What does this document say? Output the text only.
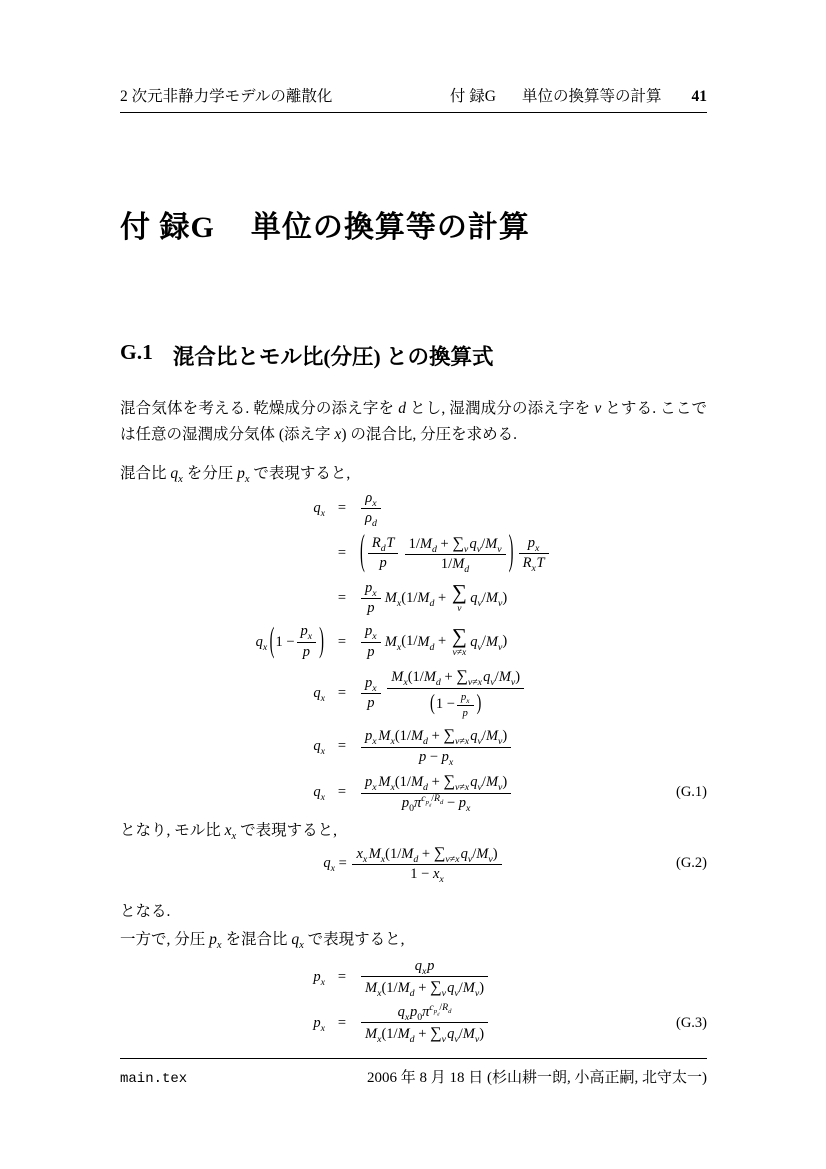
2 次元非静力学モデルの離散化	付 録G 単位の換算等の計算 41
付 録G 単位の換算等の計算
G.1 混合比とモル比(分圧) との換算式

混合気体を考える. 乾燥成分の添え字を d とし, 湿潤成分の添え字を v とする. ここでは任意の湿潤成分気体 (添え字 x) の混合比, 分圧を求める.

混合比 $q_x$ を分圧 $p_x$ で表現すると,

$q_x$ =	$\frac{\rho_x}{\rho_d}$
= ( $\frac{R_dT}{p} \frac{1/M_d + \sum_vq_v/M_v}{1/M_d}$ ) $\frac{p_x}{R_xT}$
=	$\frac{p_x}{p} M_x(1/M_d$ + ∑
v
$q_v/M_v$)
$q_x$ ( $1 - \frac{p_x}{p}$ ) =	$\frac{p_x}{p} M_x(1/M_d$ + ∑
v≠x
$q_v/M_v$)
$q_x$ =	$\frac{p_x}{p} \frac{M_x(1/M_d + \sum_{v\ne x}q_v/M_v)}{( 1 - \frac{p_x}{p} )}$
$q_x$ =	$\frac{p_x M_x(1/M_d + \sum_{v\ne x}q_v/M_v)}{p - p_x}$
$q_x$ =	$\frac{p_x M_x(1/M_d + \sum_{v\ne x}q_v/M_v)}{p_0\pi^{c_{p_d}/R_d} - p_x}$	(G.1)

となり, モル比 $x_x$ で表現すると,

$q_x = \frac{x_xM_x(1/M_d + \sum_{v\ne x}q_v/M_v)}{1 - x_x}$	(G.2)

となる.

一方で, 分圧 $p_x$ を混合比 $q_x$ で表現すると,

$p_x$ =	$\frac{q_xp}{M_x(1/M_d + \sum_vq_v/M_v)}$
$p_x$ =	$\frac{q_xp_0\pi^{c_{p_d}/R_d}}{M_x(1/M_d + \sum_vq_v/M_v)}$	(G.3)
main.tex	2006 年 8 月 18 日 (杉山耕一朗, 小高正嗣, 北守太一)
